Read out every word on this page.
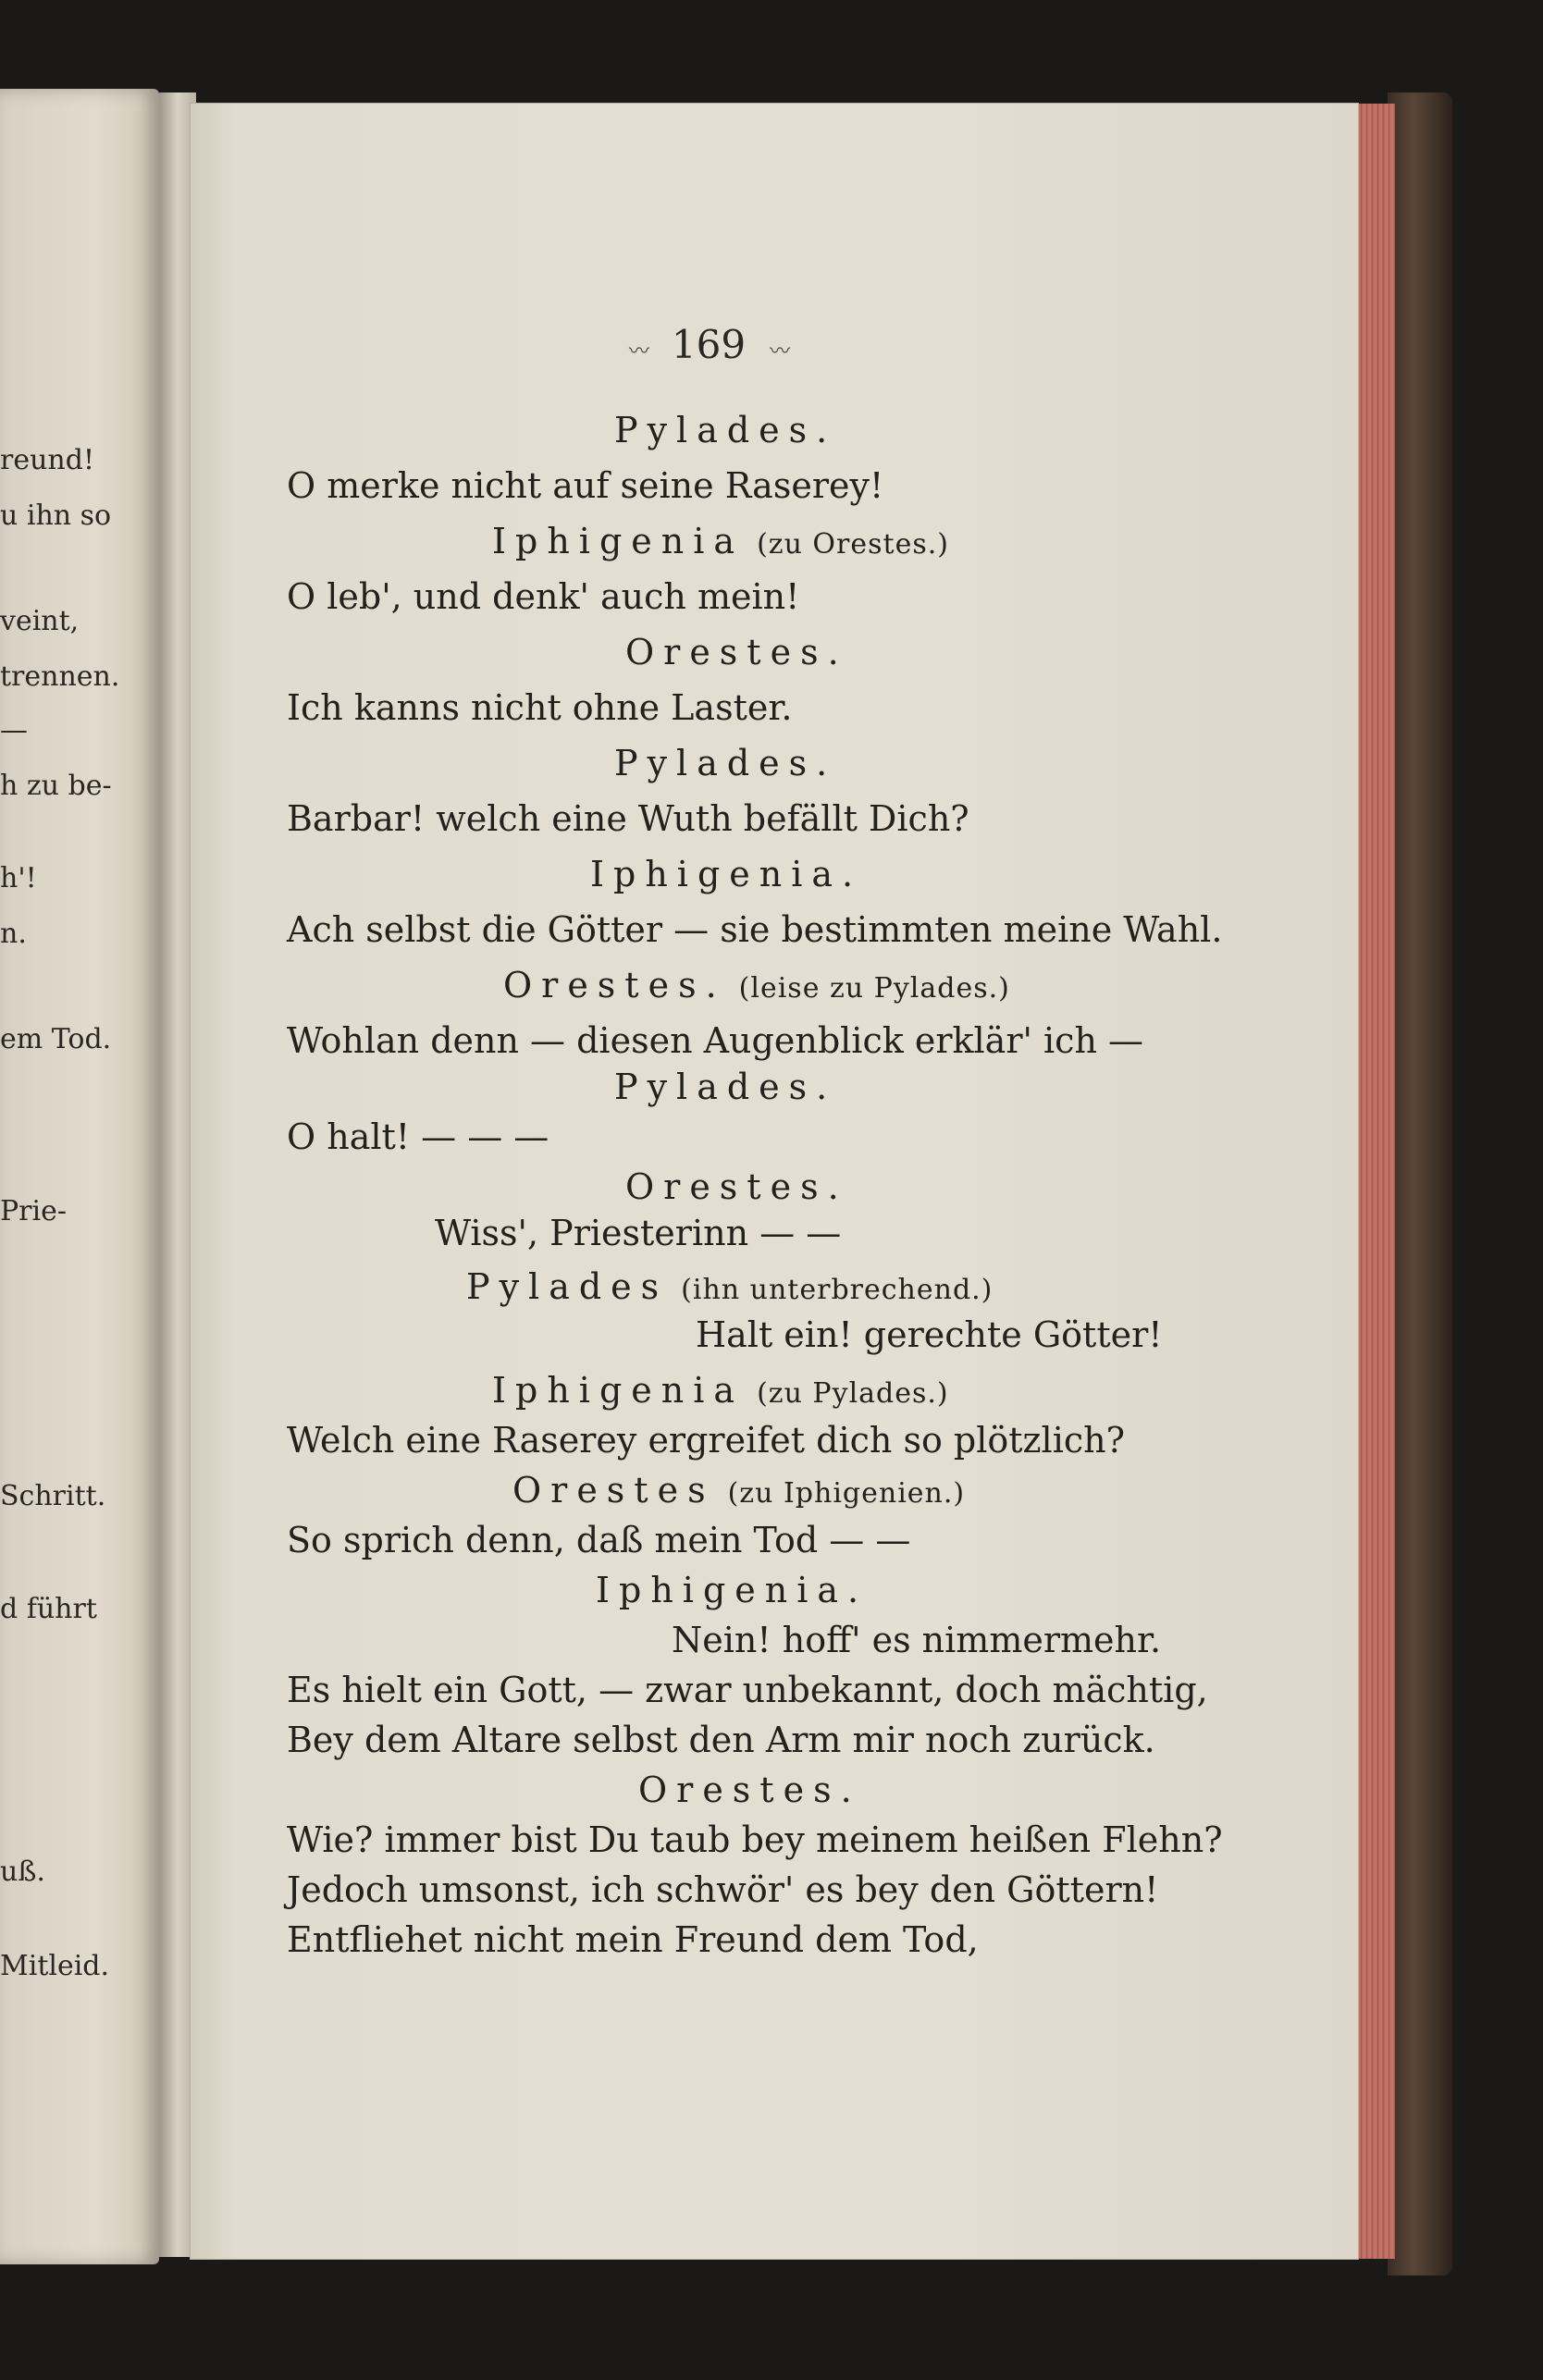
reund!
u ihn so
veint,
trennen.
—
h zu be-
h'!
n.
em Tod.
Prie-
Schritt.
d führt
uß.
Mitleid.
〰 169 〰
Pylades.
O merke nicht auf seine Raserey!
Iphigenia (zu Orestes.)
O leb', und denk' auch mein!
Orestes.
Ich kanns nicht ohne Laster.
Pylades.
Barbar! welch eine Wuth befällt Dich?
Iphigenia.
Ach selbst die Götter — sie bestimmten meine Wahl.
Orestes. (leise zu Pylades.)
Wohlan denn — diesen Augenblick erklär' ich —
Pylades.
O halt! — — —
Orestes.
Wiss', Priesterinn — —
Pylades (ihn unterbrechend.)
Halt ein! gerechte Götter!
Iphigenia (zu Pylades.)
Welch eine Raserey ergreifet dich so plötzlich?
Orestes (zu Iphigenien.)
So sprich denn, daß mein Tod — —
Iphigenia.
Nein! hoff' es nimmermehr.
Es hielt ein Gott, — zwar unbekannt, doch mächtig,
Bey dem Altare selbst den Arm mir noch zurück.
Orestes.
Wie? immer bist Du taub bey meinem heißen Flehn?
Jedoch umsonst, ich schwör' es bey den Göttern!
Entfliehet nicht mein Freund dem Tod,
